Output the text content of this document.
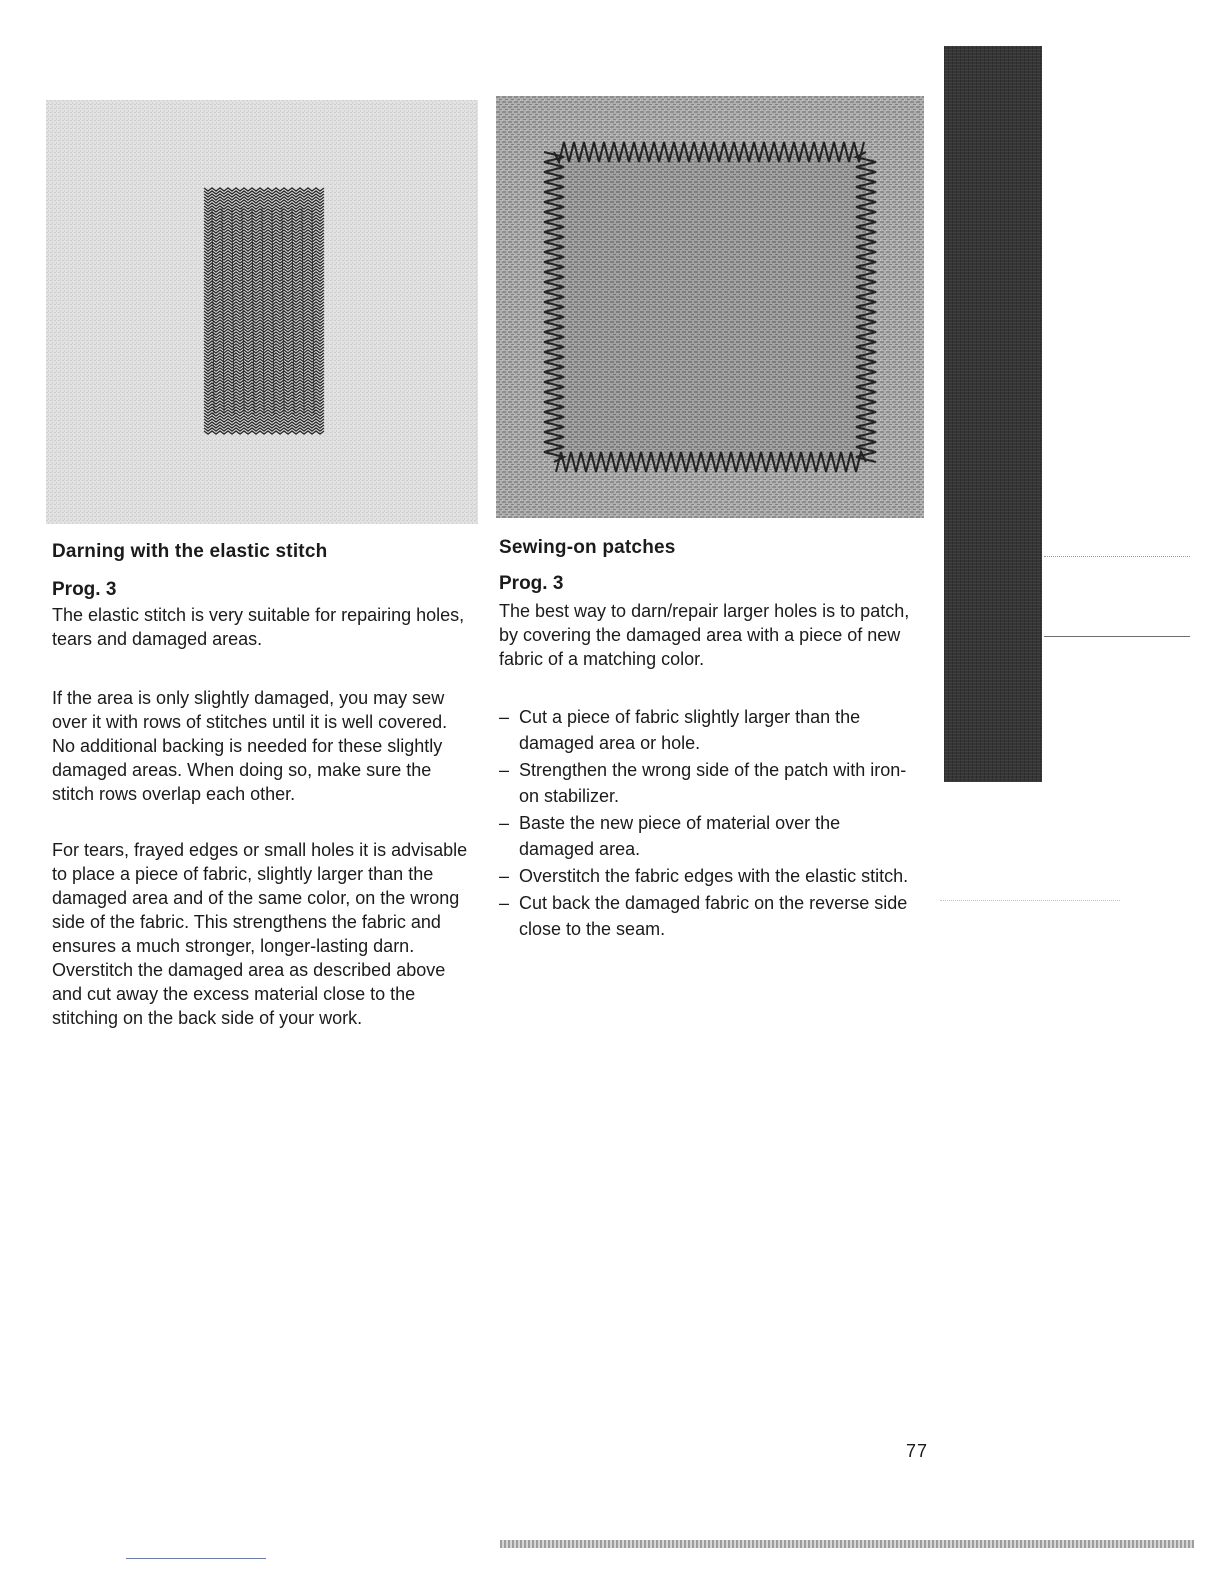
Darning with the elastic stitch
Prog. 3

The elastic stitch is very suitable for repairing holes, tears and damaged areas.

If the area is only slightly damaged, you may sew over it with rows of stitches until it is well covered. No additional backing is needed for these slightly damaged areas. When doing so, make sure the stitch rows overlap each other.

For tears, frayed edges or small holes it is advisable to place a piece of fabric, slightly larger than the damaged area and of the same color, on the wrong side of the fabric. This strengthens the fabric and ensures a much stronger, longer-lasting darn. Overstitch the damaged area as described above and cut away the excess material close to the stitching on the back side of your work.

Sewing-on patches
Prog. 3

The best way to darn/repair larger holes is to patch, by covering the damaged area with a piece of new fabric of a matching color.

– Cut a piece of fabric slightly larger than the damaged area or hole.
– Strengthen the wrong side of the patch with iron-on stabilizer.
– Baste the new piece of material over the damaged area.
– Overstitch the fabric edges with the elastic stitch.
– Cut back the damaged fabric on the reverse side close to the seam.
77
